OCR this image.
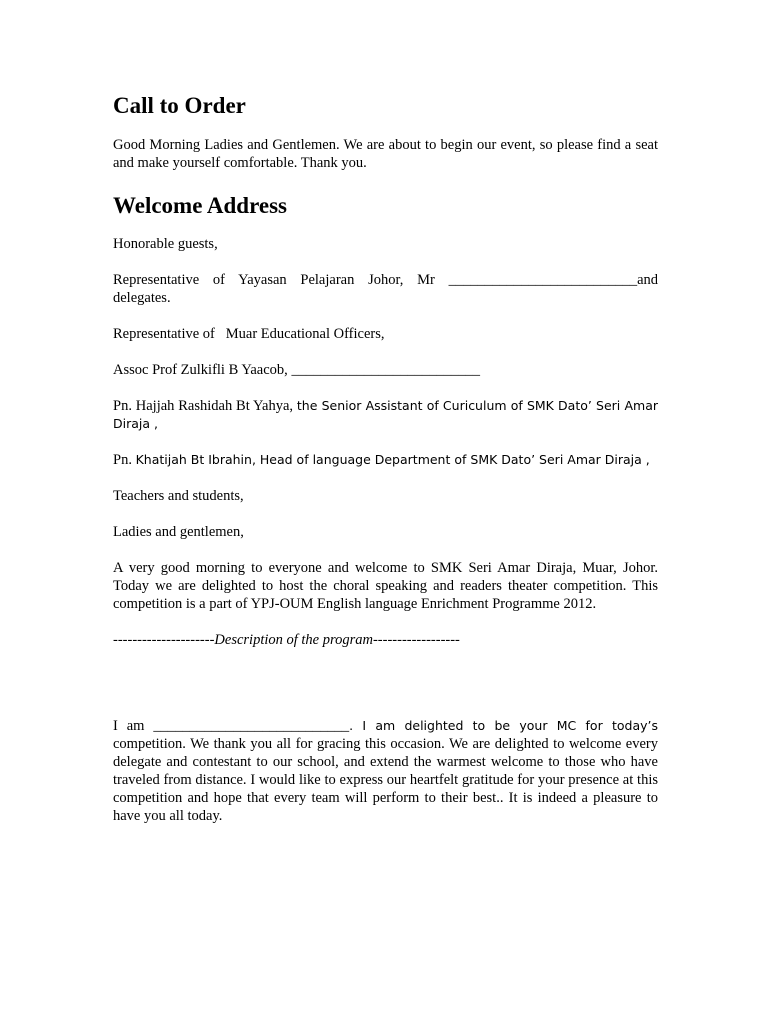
Call to Order

Good Morning Ladies and Gentlemen. We are about to begin our event, so please find a seat and make yourself comfortable. Thank you.

Welcome Address

Honorable guests,

Representative of Yayasan Pelajaran Johor, Mr __________________________and delegates.

Representative of   Muar Educational Officers,

Assoc Prof Zulkifli B Yaacob, __________________________

Pn. Hajjah Rashidah Bt Yahya, the Senior Assistant of Curiculum of SMK Dato’ Seri Amar Diraja ,

Pn. Khatijah Bt Ibrahin, Head of language Department of SMK Dato’ Seri Amar Diraja ,

Teachers and students,

Ladies and gentlemen,

A very good morning to everyone and welcome to SMK Seri Amar Diraja, Muar, Johor. Today we are delighted to host the choral speaking and readers theater competition. This competition is a part of YPJ-OUM English language Enrichment Programme 2012.

---------------------Description of the program------------------

I am ___________________________. I am delighted to be your MC for today’s competition. We thank you all for gracing this occasion. We are delighted to welcome every delegate and contestant to our school, and extend the warmest welcome to those who have traveled from distance. I would like to express our heartfelt gratitude for your presence at this competition and hope that every team will perform to their best.. It is indeed a pleasure to have you all today.
